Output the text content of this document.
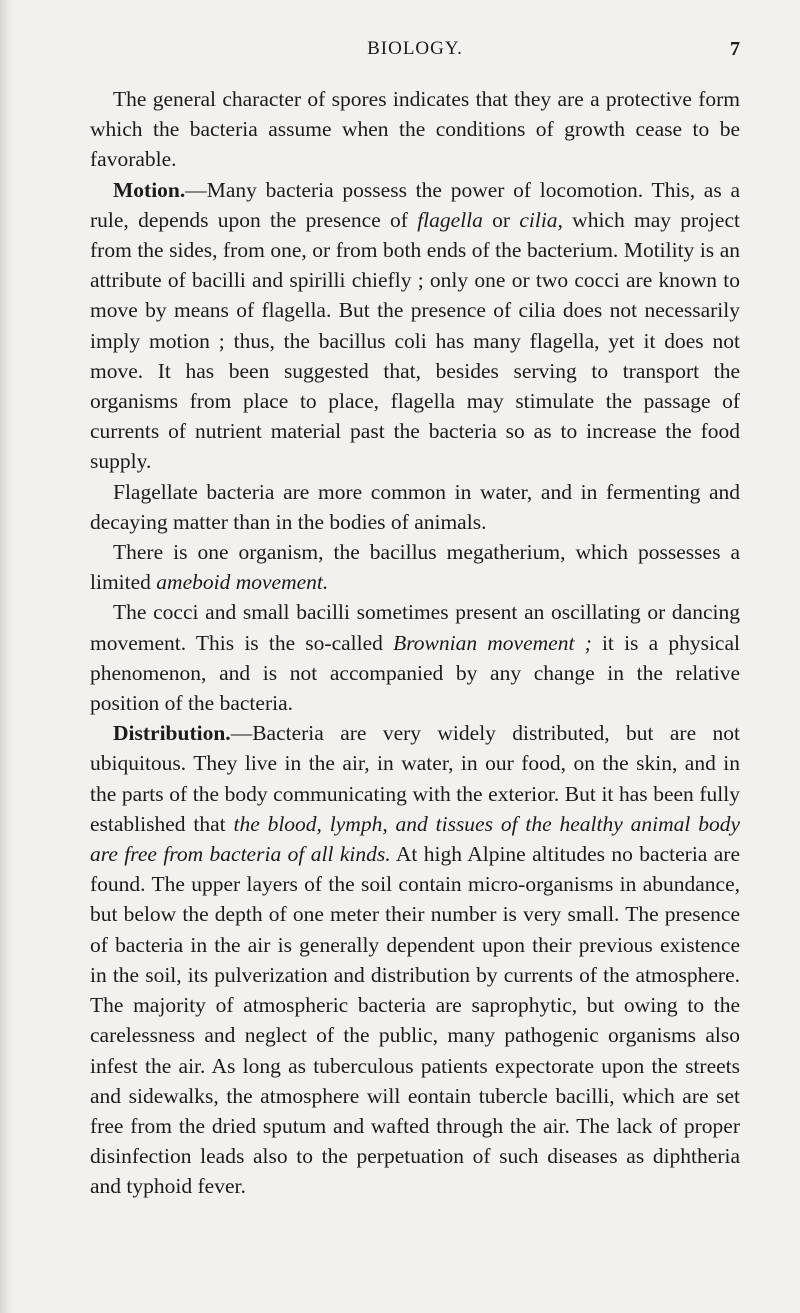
BIOLOGY.	7

The general character of spores indicates that they are a protective form which the bacteria assume when the conditions of growth cease to be favorable.

Motion.—Many bacteria possess the power of locomotion. This, as a rule, depends upon the presence of flagella or cilia, which may project from the sides, from one, or from both ends of the bacterium. Motility is an attribute of bacilli and spirilli chiefly ; only one or two cocci are known to move by means of flagella. But the presence of cilia does not necessarily imply motion ; thus, the bacillus coli has many flagella, yet it does not move. It has been suggested that, besides serving to transport the organisms from place to place, flagella may stimulate the passage of currents of nutrient material past the bacteria so as to increase the food supply.

Flagellate bacteria are more common in water, and in fermenting and decaying matter than in the bodies of animals.

There is one organism, the bacillus megatherium, which possesses a limited ameboid movement.

The cocci and small bacilli sometimes present an oscillating or dancing movement. This is the so-called Brownian movement ; it is a physical phenomenon, and is not accompanied by any change in the relative position of the bacteria.

Distribution.—Bacteria are very widely distributed, but are not ubiquitous. They live in the air, in water, in our food, on the skin, and in the parts of the body communicating with the exterior. But it has been fully established that the blood, lymph, and tissues of the healthy animal body are free from bacteria of all kinds. At high Alpine altitudes no bacteria are found. The upper layers of the soil contain micro-organisms in abundance, but below the depth of one meter their number is very small. The presence of bacteria in the air is generally dependent upon their previous existence in the soil, its pulverization and distribution by currents of the atmosphere. The majority of atmospheric bacteria are saprophytic, but owing to the carelessness and neglect of the public, many pathogenic organisms also infest the air. As long as tuberculous patients expectorate upon the streets and sidewalks, the atmosphere will eontain tubercle bacilli, which are set free from the dried sputum and wafted through the air. The lack of proper disinfection leads also to the perpetuation of such diseases as diphtheria and typhoid fever.
